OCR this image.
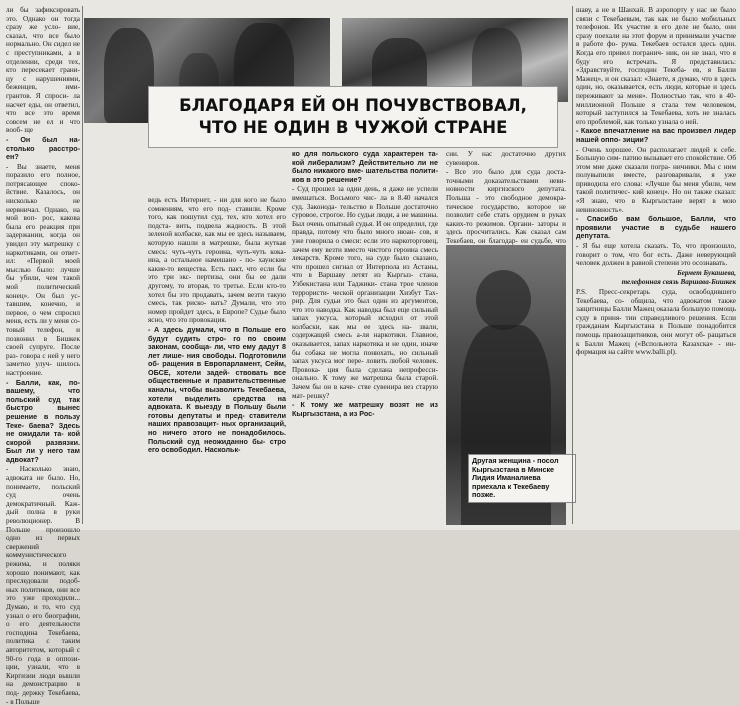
ли бы зафиксировать это. Однако он тогда сразу же усло- вие, сказал, что все было нормально. Он сидел не с преступниками, а в отделении, среди тех, кто пересекает грани- цу с нарушениями, беженцев, ими- грантов. Я спроси- ла насчет еды, он ответил, что все это время совсем не ел и что вооб- ще

- Он был на- столько расстро- ен?

- Вы знаете, меня поразило его полное, потрясающее споко- йствие. Казалось, он нисколько не нервничал. Однако, на мой воп- рос, какова была его реакция при задержании, когда он увидел эту матрешку с наркотиками, он ответ- ил: «Первой моей мыслью было: лучше бы убили, чем такой мой политический конец». Он был ус- тавшим, конечно, и первое, о чем спросил меня, есть ли у меня со- товый телефон, и позвонил в Бишкек своей супруге. После раз- говора с ней у него заметно улуч- шилось настроение.

- Балли, как, по-вашему, что польский суд так быстро вынес решение в пользу Теке- баева? Здесь не ожидали та- кой скорой развязки. Был ли у него там адвокат?

- Насколько знаю, адвоката не было. Но, понимаете, польский суд очень демократичный. Каж- дый полна в руки революционер. В Польше произошло одно из первых свержений коммунистического режима, и поляки хорошо понимают, как преследовали подоб- ных политиков, они все это уже проходили... Думаю, и то, что суд узнал о его биографии, о его деятельности господина Текебаева, политика с таким авторитетом, который с 90-го года в оппози- ции, узнали, что в Киргизии люди вышли на демонстрацию в под- держку Текебаева, - в Польше

БЛАГОДАРЯ ЕЙ ОН ПОЧУВСТВОВАЛ,
ЧТО НЕ ОДИН В ЧУЖОЙ СТРАНЕ

ведь есть Интернет, - ни для кого не было сомнениям, что его под- ставили. Кроме того, как пошутил суд, тех, кто хотел его подста- вить, подвела жадность. В этой зеленой колбаске, как мы ее здесь называем, которую нашли в матрешке, была жуткая смесь: чуть-чуть героина, чуть-чуть кока- ина, а остальное намешано - по- хаунские какие-то вещества. Есть пакт, что если бы это три экс- пертизы, они бы ее дали другому, то вторая, то третье. Если кто-то хотел бы это продавать, зачем везти такую смесь, так риско- вать? Думали, что это номер пройдет здесь, в Европе? Судье было ясно, что это провокация.

- А здесь думали, что в Польше его будут судить стро- го по своим законам, сообща- ли, что ему дадут 8 лет лише- ния свободы. Подготовили об- ращения в Европарламент, Сейм, ОБСЕ, хотели задей- ствовать все общественные и правительственные каналы, чтобы вызволить Текебаева, хотели выделить средства на адвоката. К выезду в Польшу были готовы депутаты и пред- ставители наших правозащит- ных организаций, но ничего этого не понадобилось. Польский суд неожиданно бы- стро его освободил. Наскольк-

ко для польского суда характерен та- кой либерализм? Действительно ли не было никакого вме- шательства полити- ков в это решение?

- Суд прошел за один день, я даже не успели вмешаться. Восьмого чис- ла в 8.40 начался суд. Законода- тельство в Польше достаточно суровое, строгое. Но судьи люди, а не машины. Был очень опытный судья. И он определил, где правда, потому что было много нюан- сов, я уже говорила о смеси: если это наркоторговец, зачем ему везти вместо чистого героина смесь лекарств. Кроме того, на суде было сказано, что прошел сигнал от Интерпола из Астаны, что в Варшаву летят из Кыргыз- стана, Узбекистана или Таджики- стана трое членов террористи- ческой организации Хизбут Тах- рир. Для судьи это был один из аргументов, что это наводка. Как наводка был еще сильный запах уксуса, который исходил от этой колбаски, как мы ее здесь на- звали, содержащей смесь а-ля наркотики. Главное, оказывается, запах наркотика и не один, иначе бы собака не могла понюхать, но сильный запах уксуса мог пере- ловить любой человек. Провока- ция была сделана непрофесси- онально. К тому же матрешка была старой. Зачем бы он в каче- стве сувенира вез старую мат- решку?

- К тому же матрешку возят не из Кыргызстана, а из Рос-

сии. У нас достаточно других сувениров.

- Все это было для суда доста- точными доказательствами неви- новности киргизского депутата. Польша - это свободное демокра- тическое государство, которое не позволит себе стать орудием в руках каких-то режимов. Органи- заторы и здесь просчитались. Как сказал сам Текебаев, он благодар- ен судьбе, что

Другая женщина - посол Кыргызстана в Минске Лидия Иманалиева приехала к Текебаеву позже.

шаву, а не в Шанхай. В аэропорту у нас не было связи с Текебаевым, так как не было мобильных телефонов. Их участие в его деле не было, они сразу поехали на этот форум и принимали участие в работе фо- рума. Текебаев остался здесь один. Когда его привел погранич- ник, он не знал, что я буду его встречать. Я представилась: «Здравствуйте, господин Текеба- ев, я Балли Мажец», и он сказал: «Знаете, я думаю, что в здесь один, но, оказывается, есть люди, которые и здесь переживают за меня». Полностью так, что в 40- миллионной Польше я стала тем человеком, который заступился за Текебаева, хоть не зналась его проблемой, как только узнала о ней.

- Какое впечатление на вас произвел лидер нашей оппо- зиции?

- Очень хорошее. Он располагает людей к себе. Большую сим- патию вызывает его спокойствие. Об этом мне даже сказали погра- ничники. Мы с ним полувыпили вместе, разговаривали, я уже приводила его слова: «Лучше бы меня убили, чем такой политичес- кий конец». Но он также сказал: «Я знаю, что в Кыргызстане верят в мою невиновность».

- Спасибо вам большое, Балли, что проявили участие в судьбе нашего депутата.

- Я бы еще хотела сказать. То, что произошло, говорит о том, что бог есть. Даже неверующий человек должен в равной степени это осознавать.

Бермет Букашева,

телефонная связь Варшава-Бишкек

P.S. Пресс-секретарь суда, освободившего Текебаева, со- общила, что адвокатом также защитницы Балли Мажец оказала большую помощь суду в приня- тии справедливого решения. Если гражданам Кыргызстана в Польше понадобится помощь правозащитников, они могут об- ращаться к Балли Мажец («Вспольнота Казахска» - ин- формация на сайте www.balli.pl).
